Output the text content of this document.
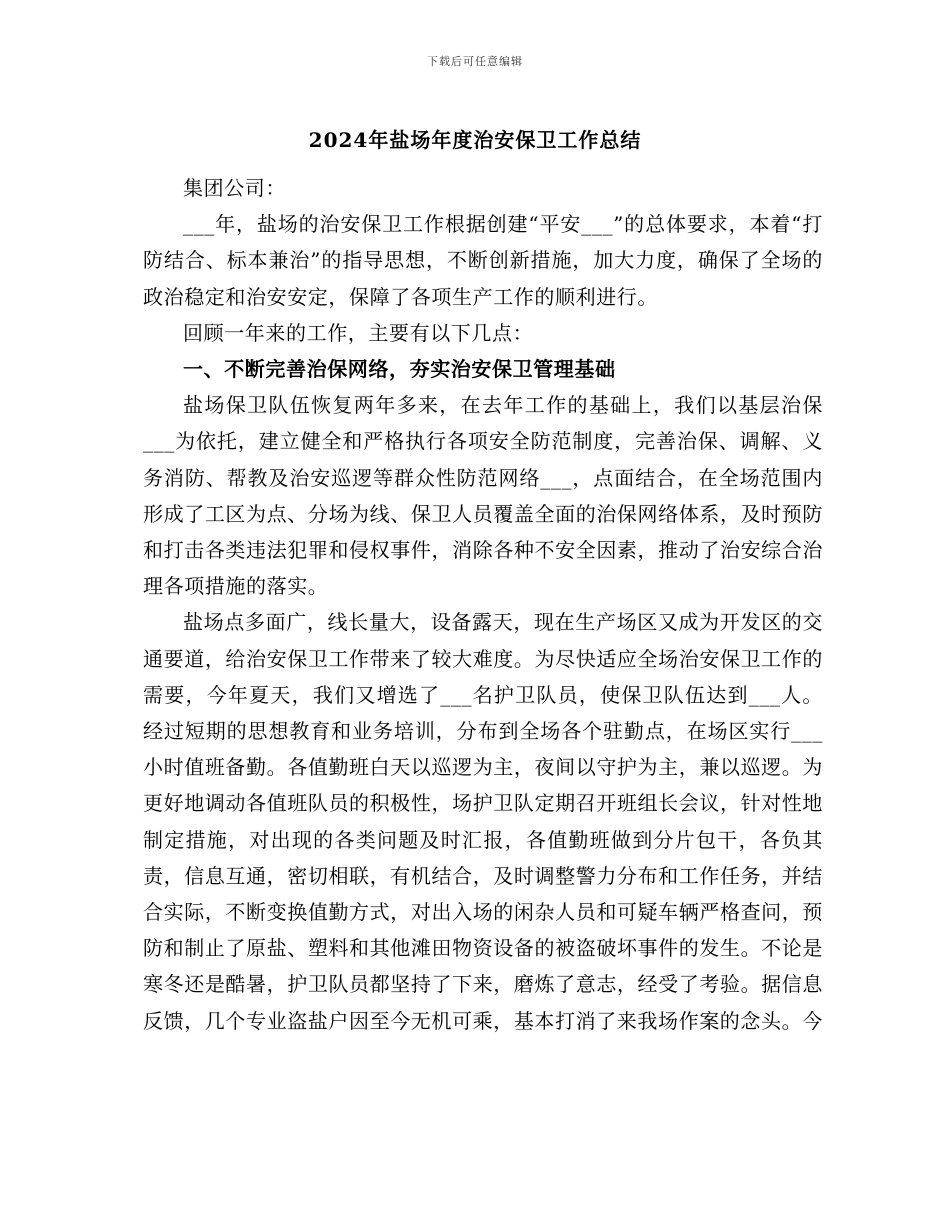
下载后可任意编辑
2024年盐场年度治安保卫工作总结

集团公司：

___年，盐场的治安保卫工作根据创建“平安___”的总体要求，本着“打防结合、标本兼治”的指导思想，不断创新措施，加大力度，确保了全场的政治稳定和治安安定，保障了各项生产工作的顺利进行。

回顾一年来的工作，主要有以下几点：

一、不断完善治保网络，夯实治安保卫管理基础

盐场保卫队伍恢复两年多来，在去年工作的基础上，我们以基层治保___为依托，建立健全和严格执行各项安全防范制度，完善治保、调解、义务消防、帮教及治安巡逻等群众性防范网络___，点面结合，在全场范围内形成了工区为点、分场为线、保卫人员覆盖全面的治保网络体系，及时预防和打击各类违法犯罪和侵权事件，消除各种不安全因素，推动了治安综合治理各项措施的落实。

盐场点多面广，线长量大，设备露天，现在生产场区又成为开发区的交通要道，给治安保卫工作带来了较大难度。为尽快适应全场治安保卫工作的需要，今年夏天，我们又增选了___名护卫队员，使保卫队伍达到___人。经过短期的思想教育和业务培训，分布到全场各个驻勤点，在场区实行___小时值班备勤。各值勤班白天以巡逻为主，夜间以守护为主，兼以巡逻。为更好地调动各值班队员的积极性，场护卫队定期召开班组长会议，针对性地制定措施，对出现的各类问题及时汇报，各值勤班做到分片包干，各负其责，信息互通，密切相联，有机结合，及时调整警力分布和工作任务，并结合实际，不断变换值勤方式，对出入场的闲杂人员和可疑车辆严格查问，预防和制止了原盐、塑料和其他滩田物资设备的被盗破坏事件的发生。不论是寒冬还是酷暑，护卫队员都坚持了下来，磨炼了意志，经受了考验。据信息反馈，几个专业盗盐户因至今无机可乘，基本打消了来我场作案的念头。今
